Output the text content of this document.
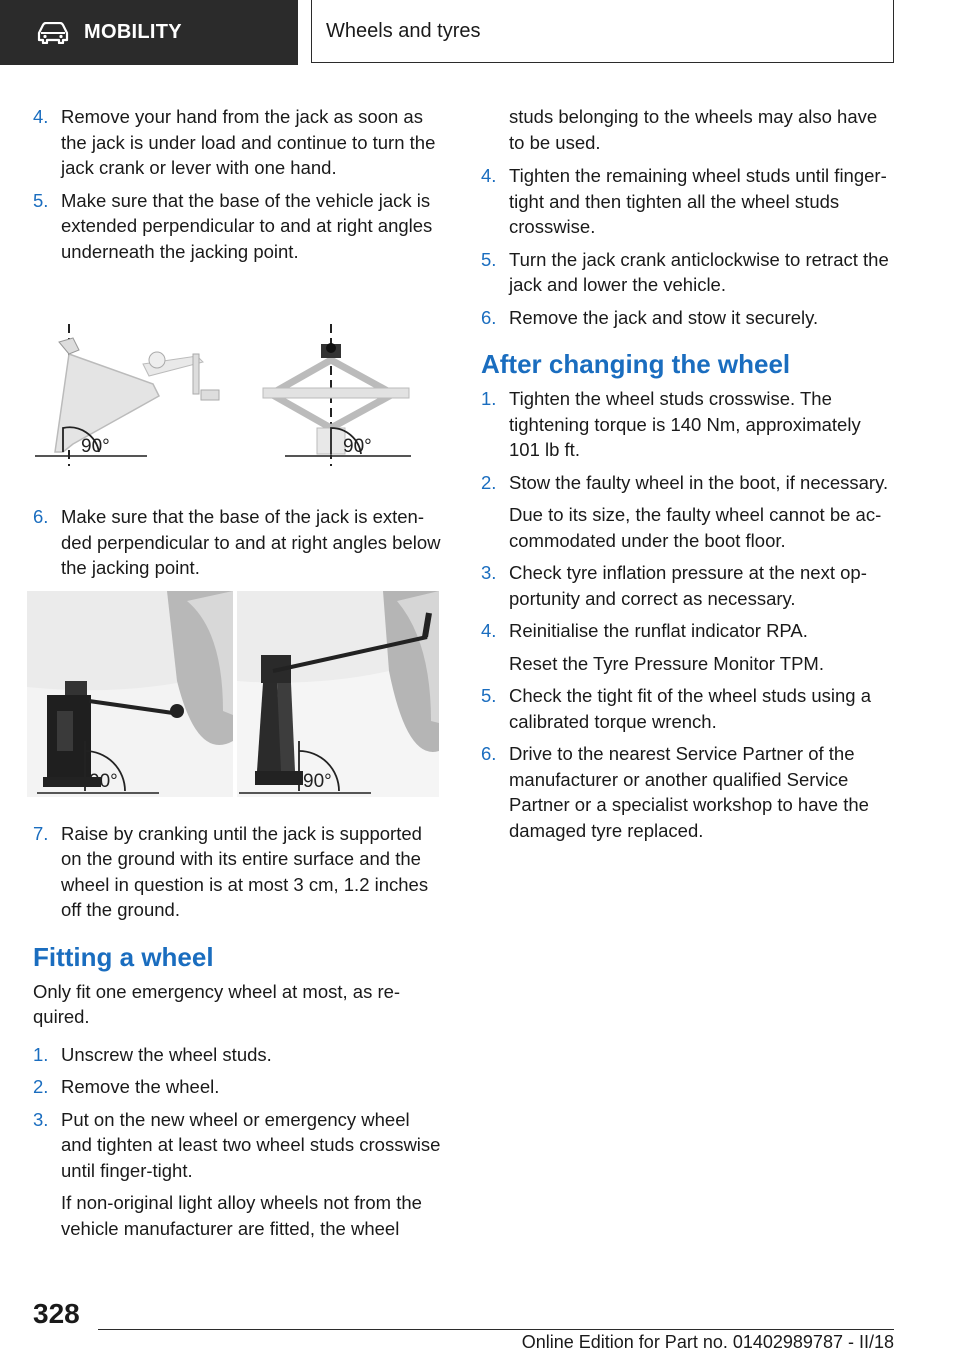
MOBILITY	Wheels and tyres
4. Remove your hand from the jack as soon as the jack is under load and continue to turn the jack crank or lever with one hand.
5. Make sure that the base of the vehicle jack is extended perpendicular to and at right angles underneath the jacking point.
90°	90°
6. Make sure that the base of the jack is extended perpendicular to and at right angles below the jacking point.
90°	90°
7. Raise by cranking until the jack is supported on the ground with its entire surface and the wheel in question is at most 3 cm, 1.2 inches off the ground.
Fitting a wheel
Only fit one emergency wheel at most, as required.
1. Unscrew the wheel studs.
2. Remove the wheel.
3. Put on the new wheel or emergency wheel and tighten at least two wheel studs crosswise until finger-tight.
If non-original light alloy wheels not from the vehicle manufacturer are fitted, the wheel
studs belonging to the wheels may also have to be used.
4. Tighten the remaining wheel studs until finger-tight and then tighten all the wheel studs crosswise.
5. Turn the jack crank anticlockwise to retract the jack and lower the vehicle.
6. Remove the jack and stow it securely.
After changing the wheel
1. Tighten the wheel studs crosswise. The tightening torque is 140 Nm, approximately 101 lb ft.
2. Stow the faulty wheel in the boot, if necessary.
Due to its size, the faulty wheel cannot be accommodated under the boot floor.
3. Check tyre inflation pressure at the next opportunity and correct as necessary.
4. Reinitialise the runflat indicator RPA.
Reset the Tyre Pressure Monitor TPM.
5. Check the tight fit of the wheel studs using a calibrated torque wrench.
6. Drive to the nearest Service Partner of the manufacturer or another qualified Service Partner or a specialist workshop to have the damaged tyre replaced.
328
Online Edition for Part no. 01402989787 - II/18
